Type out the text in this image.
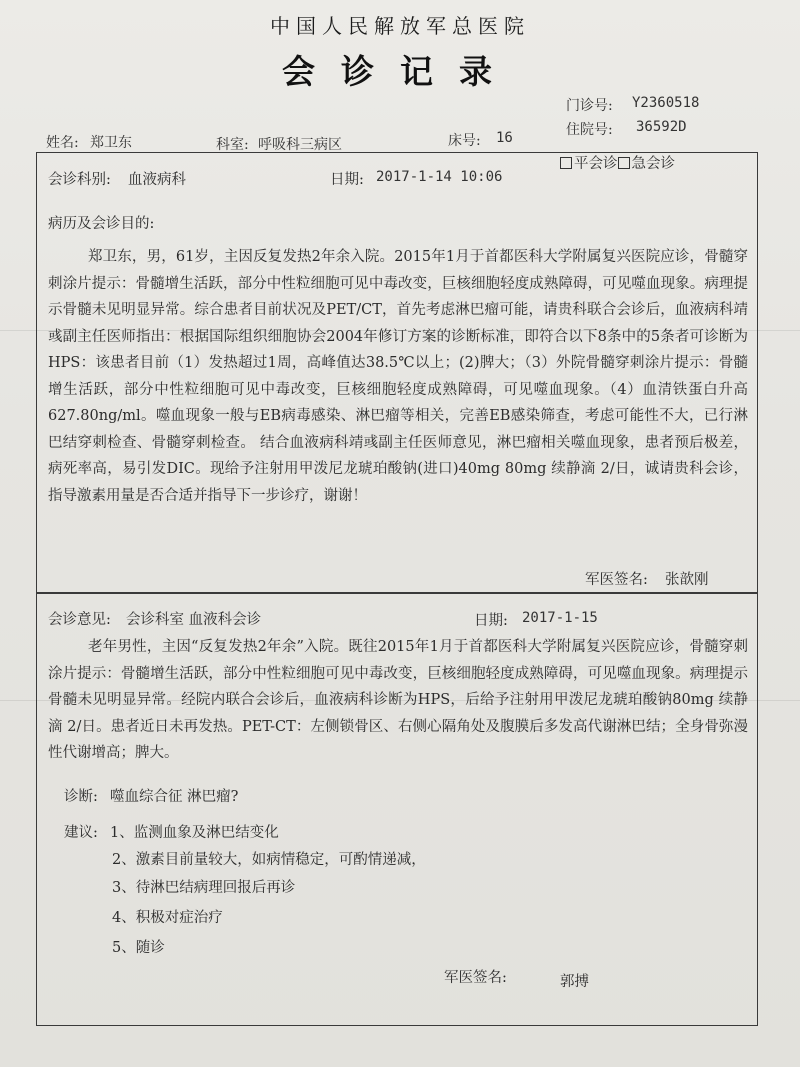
中国人民解放军总医院
会诊记录
门诊号: Y2360518
住院号: 36592D
姓名: 郑卫东	科室: 呼吸科三病区	床号: 16
会诊科别: 血液病科	日期: 2017-1-14 10:06
平会诊 急会诊
病历及会诊目的:
郑卫东，男，61岁，主因反复发热2年余入院。2015年1月于首都医科大学附属复兴医院应诊，骨髓穿刺涂片提示：骨髓增生活跃，部分中性粒细胞可见中毒改变，巨核细胞轻度成熟障碍，可见噬血现象。病理提示骨髓未见明显异常。综合患者目前状况及PET/CT，首先考虑淋巴瘤可能，请贵科联合会诊后，血液病科靖彧副主任医师指出：根据国际组织细胞协会2004年修订方案的诊断标准，即符合以下8条中的5条者可诊断为HPS：该患者目前（1）发热超过1周，高峰值达38.5℃以上；(2)脾大；（3）外院骨髓穿刺涂片提示：骨髓增生活跃，部分中性粒细胞可见中毒改变，巨核细胞轻度成熟障碍，可见噬血现象。（4）血清铁蛋白升高627.80ng/ml。噬血现象一般与EB病毒感染、淋巴瘤等相关，完善EB感染筛查，考虑可能性不大，已行淋巴结穿刺检查、骨髓穿刺检查。 结合血液病科靖彧副主任医师意见，淋巴瘤相关噬血现象，患者预后极差，病死率高，易引发DIC。现给予注射用甲泼尼龙琥珀酸钠(进口)40mg 80mg 续静滴 2/日，诚请贵科会诊，指导激素用量是否合适并指导下一步诊疗，谢谢！
军医签名: 张歆刚
会诊意见: 会诊科室 血液科会诊	日期: 2017-1-15
老年男性，主因“反复发热2年余”入院。既往2015年1月于首都医科大学附属复兴医院应诊，骨髓穿刺涂片提示：骨髓增生活跃，部分中性粒细胞可见中毒改变，巨核细胞轻度成熟障碍，可见噬血现象。病理提示骨髓未见明显异常。经院内联合会诊后，血液病科诊断为HPS，后给予注射用甲泼尼龙琥珀酸钠80mg 续静滴 2/日。患者近日未再发热。PET-CT：左侧锁骨区、右侧心隔角处及腹膜后多发高代谢淋巴结；全身骨弥漫性代谢增高；脾大。
诊断: 噬血综合征 淋巴瘤?
建议: 1、监测血象及淋巴结变化
2、激素目前量较大，如病情稳定，可酌情递减，
3、待淋巴结病理回报后再诊
4、积极对症治疗
5、随诊
军医签名:	郭搏
